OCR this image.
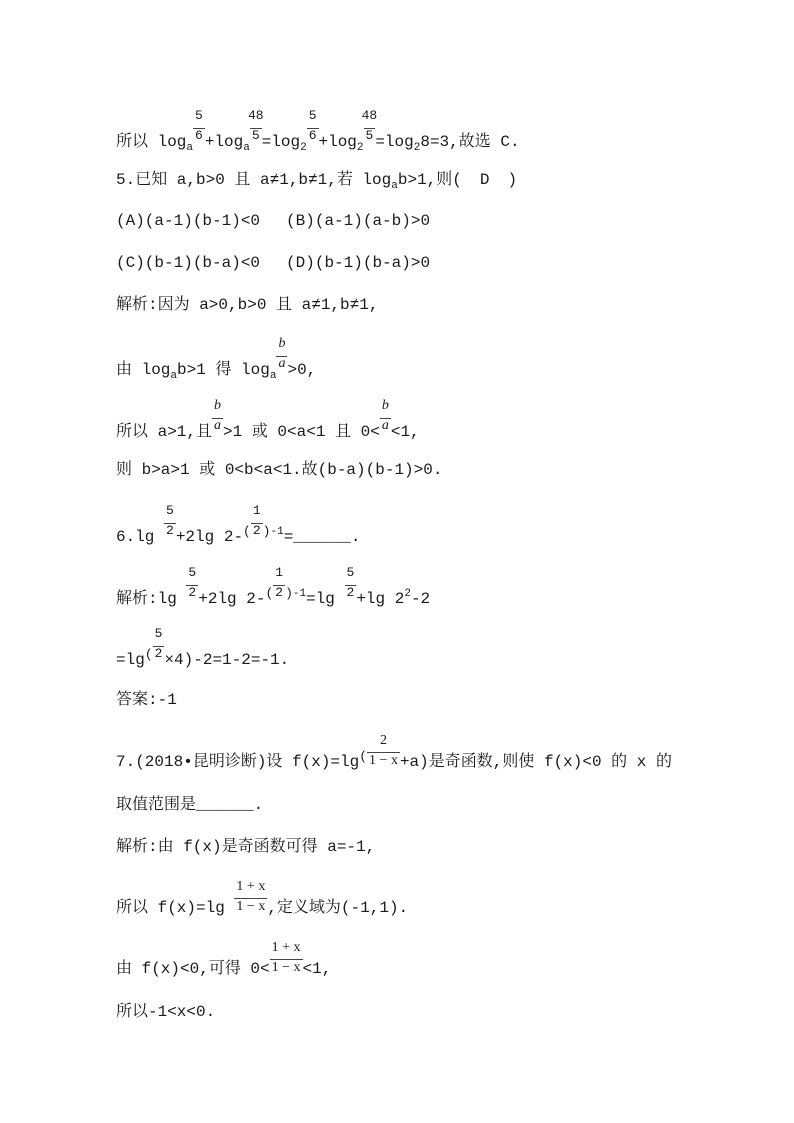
所以 $\log_a$
$\frac{5}{6} +\log_a$
$\frac{48}{5} =\log_2$
$\frac{5}{6} +\log_2$
$\frac{48}{5} =\log_28=3$,故选 C.
5.已知 a,b>0 且 a≠1,b≠1,若 $\log_ab>1$,则( D )
(A)(a-1)(b-1)<0 (B)(a-1)(a-b)>0
(C)(b-1)(b-a)<0 (D)(b-1)(b-a)>0
解析:因为 a>0,b>0 且 a≠1,b≠1,
由 $\log_ab>1$ 得 $\log_a$
$\frac{b}{a} >0$,
所以 a>1,且 $\frac{b}{a} >1$ 或 0<a<1 且 $0< \frac{b}{a} <1$,
则 b>a>1 或 0<b<a<1.故(b-a)(b-1)>0.
$6.\lg \frac{5}{2} +2\lg$ $2-^( \frac{1}{2}$ $^{)-1}$=______.
解析:lg $\frac{5}{2} +2\lg$ $2-^( \frac{1}{2} ^{)-1}=\lg \frac{5}{2} +\lg$ $2^2-2$
$=\lg^( \frac{5}{2} \times 4)-2=1-2=-1$.
答案:-1
7.(2018•昆明诊断)设 $f(x)=\lg^( \frac{2}{1 - x} +a$)是奇函数,则使 f(x)<0 的 x 的
取值范围是______.
解析:由 f(x)是奇函数可得 a=-1,
所以 $f(x)=\lg \frac{1 + x}{1 - x}$ ,定义域为(-1,1).
由 f(x)<0,可得 $0< \frac{1 + x}{1 - x} <1$,
所以-1<x<0.
